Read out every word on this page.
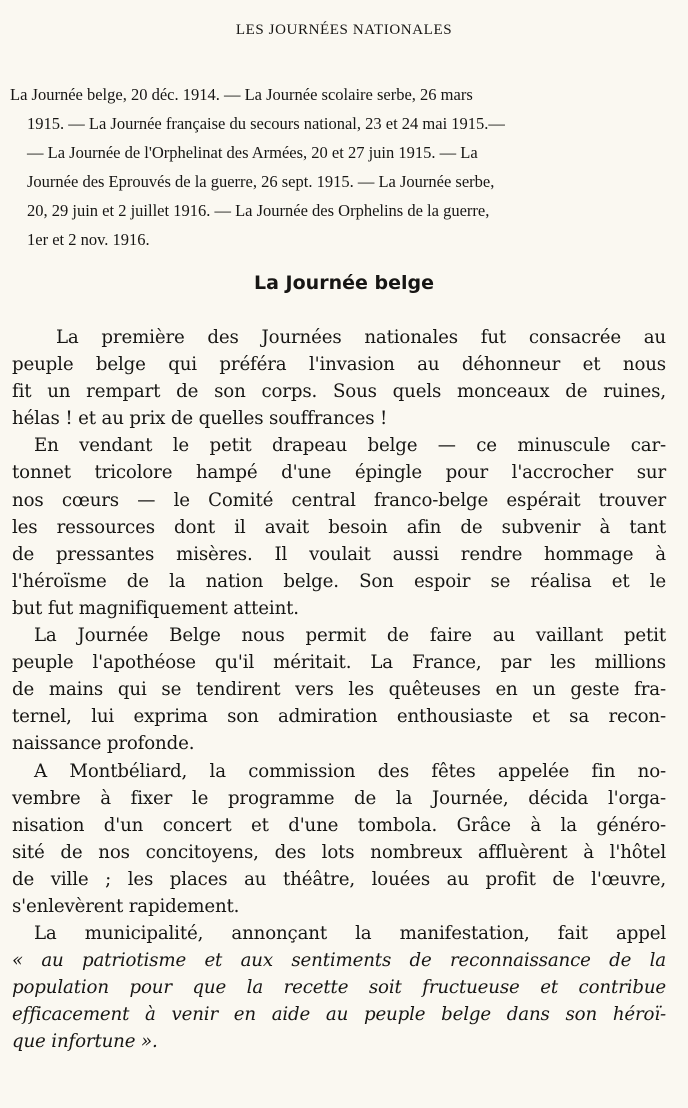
LES JOURNÉES NATIONALES
La Journée belge, 20 déc. 1914. — La Journée scolaire serbe, 26 mars
1915. — La Journée française du secours national, 23 et 24 mai 1915.—
— La Journée de l'Orphelinat des Armées, 20 et 27 juin 1915. — La
Journée des Eprouvés de la guerre, 26 sept. 1915. — La Journée serbe,
20, 29 juin et 2 juillet 1916. — La Journée des Orphelins de la guerre,
1er et 2 nov. 1916.
La Journée belge
La première des Journées nationales fut consacrée au
peuple belge qui préféra l'invasion au déhonneur et nous
fit un rempart de son corps. Sous quels monceaux de ruines,
hélas ! et au prix de quelles souffrances !
En vendant le petit drapeau belge — ce minuscule car-
tonnet tricolore hampé d'une épingle pour l'accrocher sur
nos cœurs — le Comité central franco-belge espérait trouver
les ressources dont il avait besoin afin de subvenir à tant
de pressantes misères. Il voulait aussi rendre hommage à
l'héroïsme de la nation belge. Son espoir se réalisa et le
but fut magnifiquement atteint.
La Journée Belge nous permit de faire au vaillant petit
peuple l'apothéose qu'il méritait. La France, par les millions
de mains qui se tendirent vers les quêteuses en un geste fra-
ternel, lui exprima son admiration enthousiaste et sa recon-
naissance profonde.
A Montbéliard, la commission des fêtes appelée fin no-
vembre à fixer le programme de la Journée, décida l'orga-
nisation d'un concert et d'une tombola. Grâce à la généro-
sité de nos concitoyens, des lots nombreux affluèrent à l'hôtel
de ville ; les places au théâtre, louées au profit de l'œuvre,
s'enlevèrent rapidement.
La municipalité, annonçant la manifestation, fait appel
« au patriotisme et aux sentiments de reconnaissance de la
population pour que la recette soit fructueuse et contribue
efficacement à venir en aide au peuple belge dans son héroï-
que infortune ».
